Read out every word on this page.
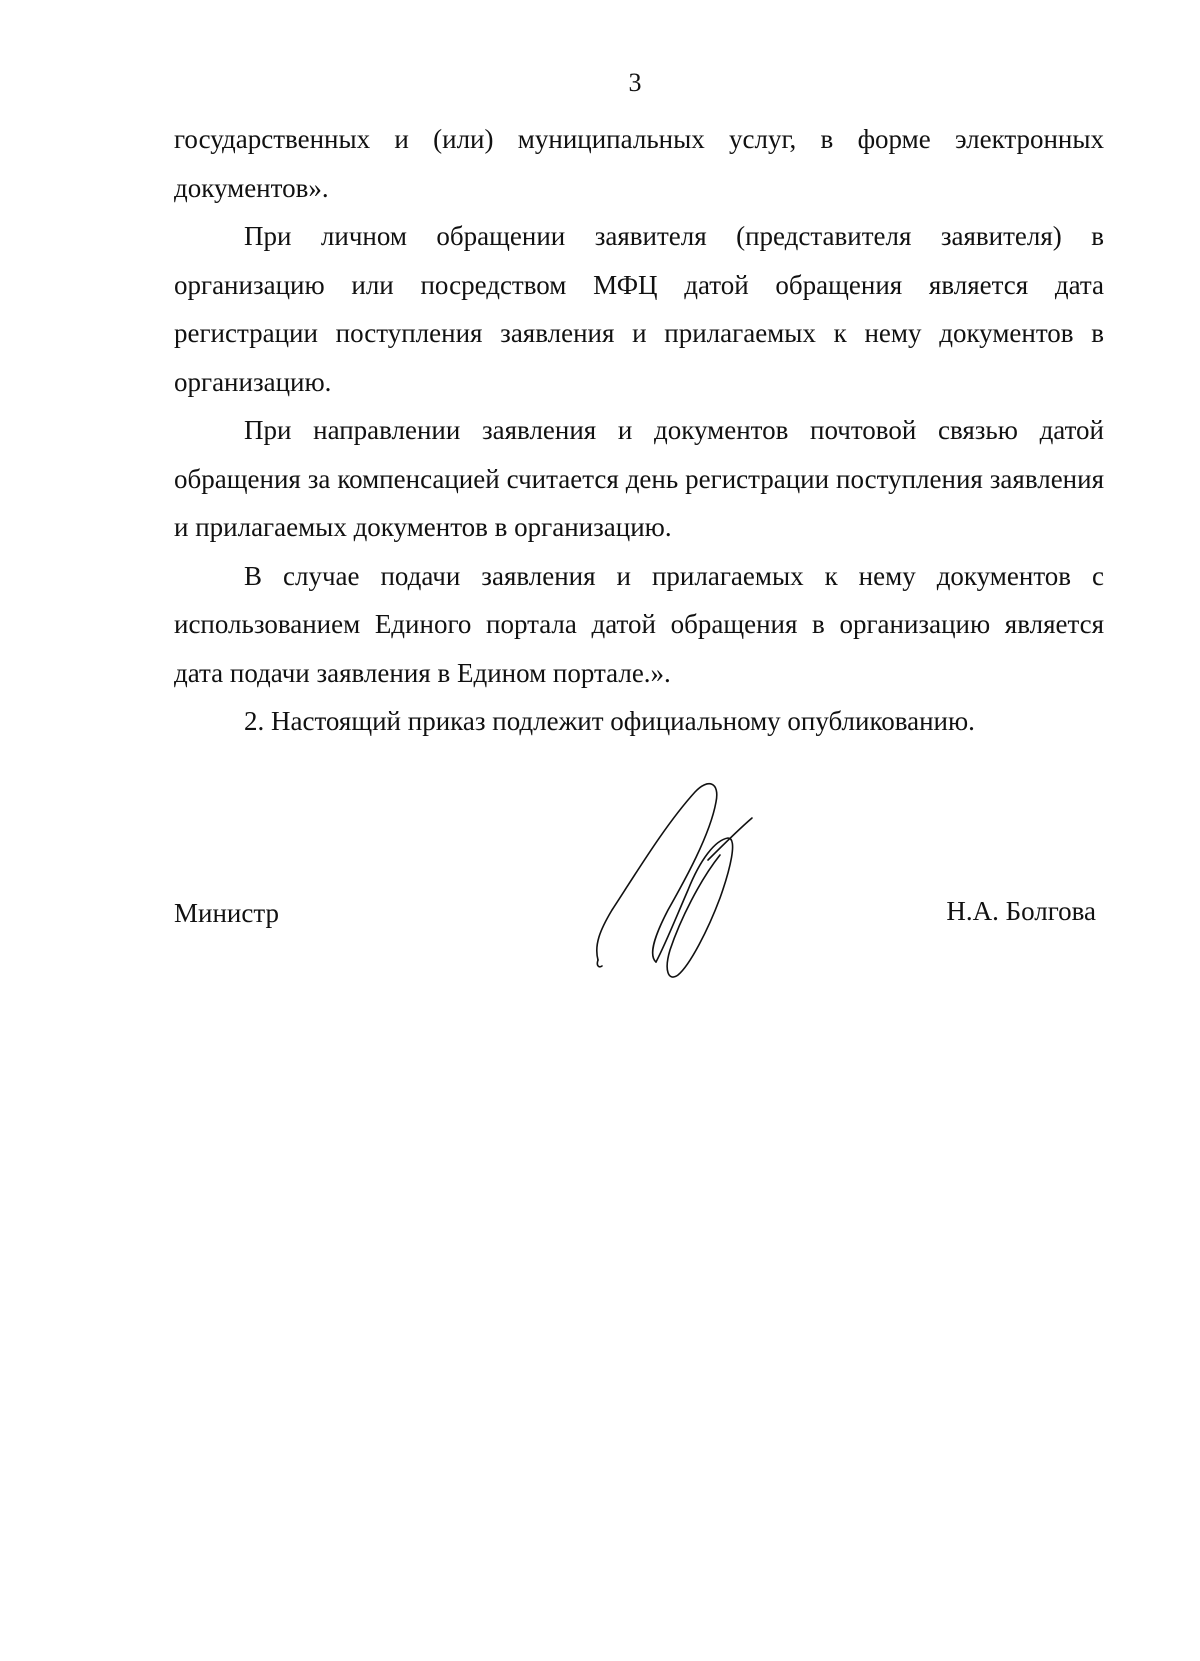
3

государственных и (или) муниципальных услуг, в форме электронных документов».

При личном обращении заявителя (представителя заявителя) в организацию или посредством МФЦ датой обращения является дата регистрации поступления заявления и прилагаемых к нему документов в организацию.

При направлении заявления и документов почтовой связью датой обращения за компенсацией считается день регистрации поступления заявления и прилагаемых документов в организацию.

В случае подачи заявления и прилагаемых к нему документов с использованием Единого портала датой обращения в организацию является дата подачи заявления в Едином портале.».

2. Настоящий приказ подлежит официальному опубликованию.

Министр	Н.А. Болгова
